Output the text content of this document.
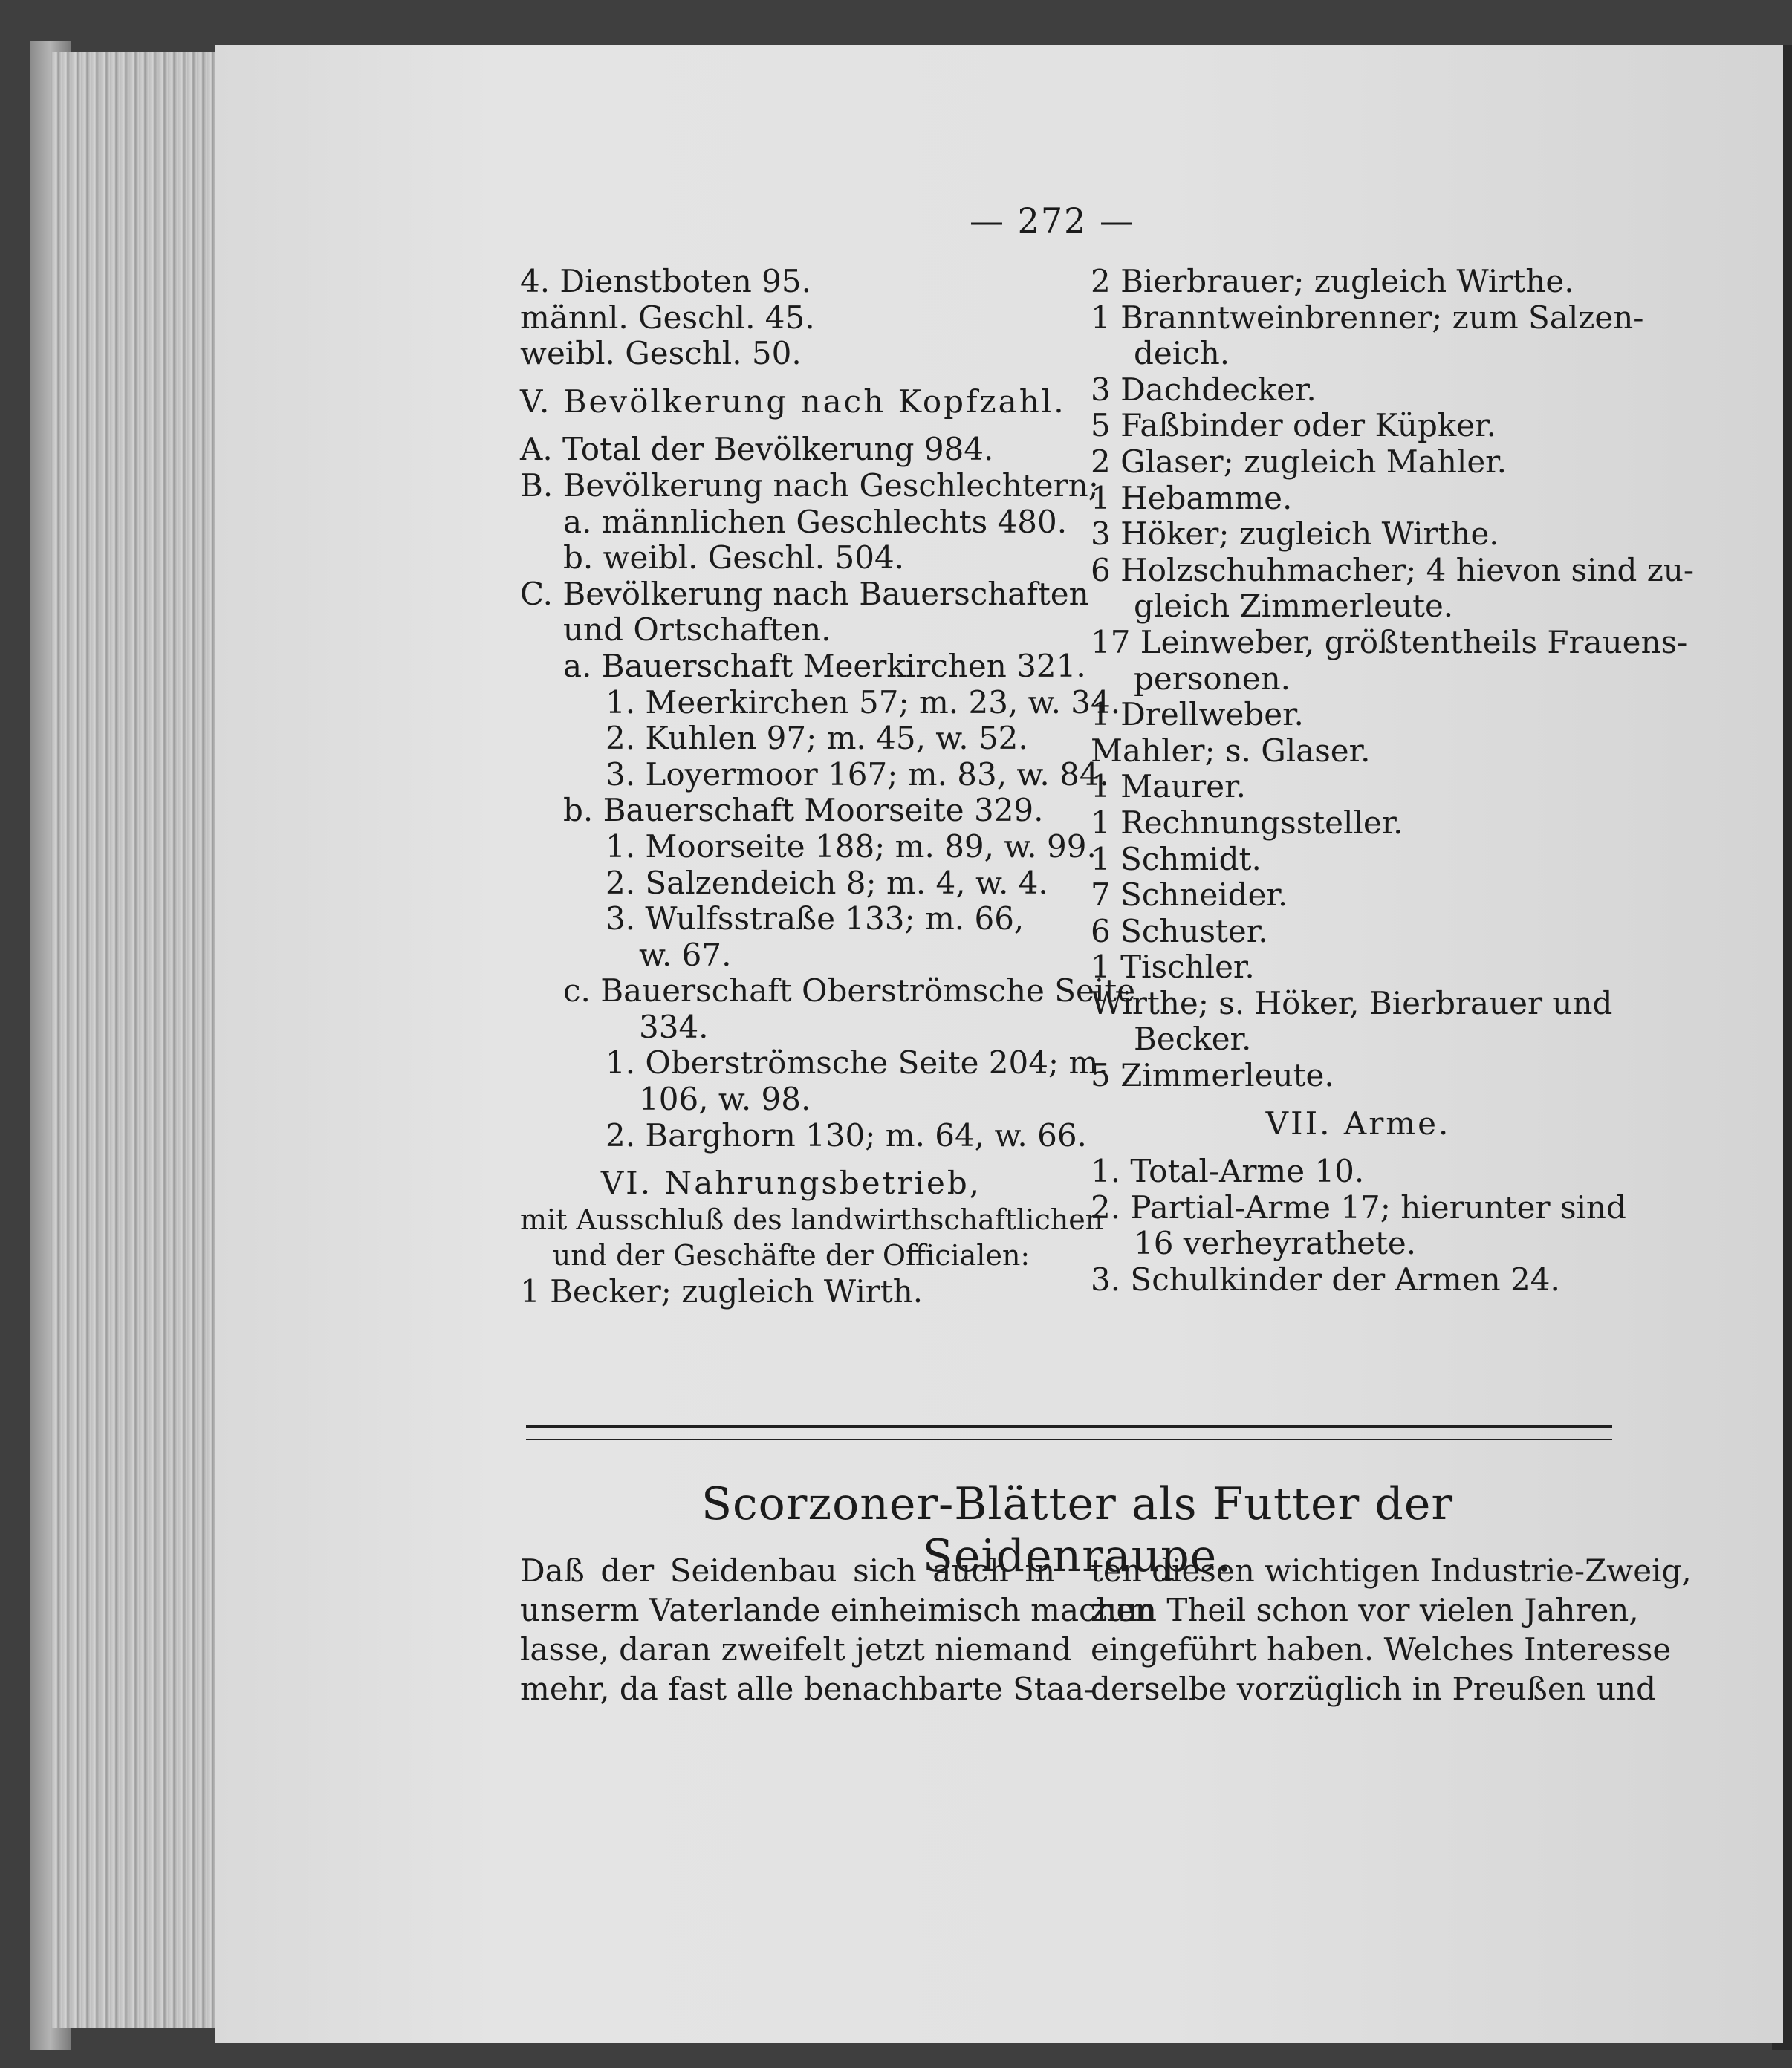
— 272 —
4. Dienstboten 95.
männl. Geschl. 45.
weibl. Geschl. 50.
V. Bevölkerung nach Kopfzahl.
A. Total der Bevölkerung 984.
B. Bevölkerung nach Geschlechtern;
a. männlichen Geschlechts 480.
b. weibl. Geschl. 504.
C. Bevölkerung nach Bauerschaften
und Ortschaften.
a. Bauerschaft Meerkirchen 321.
1. Meerkirchen 57; m. 23, w. 34.
2. Kuhlen 97; m. 45, w. 52.
3. Loyermoor 167; m. 83, w. 84.
b. Bauerschaft Moorseite 329.
1. Moorseite 188; m. 89, w. 99.
2. Salzendeich 8; m. 4, w. 4.
3. Wulfsstraße 133; m. 66,
w. 67.
c. Bauerschaft Oberströmsche Seite
334.
1. Oberströmsche Seite 204; m.
106, w. 98.
2. Barghorn 130; m. 64, w. 66.
VI. Nahrungsbetrieb,
mit Ausschluß des landwirthschaftlichen
und der Geschäfte der Officialen:
1 Becker; zugleich Wirth.
2 Bierbrauer; zugleich Wirthe.
1 Branntweinbrenner; zum Salzen-
deich.
3 Dachdecker.
5 Faßbinder oder Küpker.
2 Glaser; zugleich Mahler.
1 Hebamme.
3 Höker; zugleich Wirthe.
6 Holzschuhmacher; 4 hievon sind zu-
gleich Zimmerleute.
17 Leinweber, größtentheils Frauens-
personen.
1 Drellweber.
Mahler; s. Glaser.
1 Maurer.
1 Rechnungssteller.
1 Schmidt.
7 Schneider.
6 Schuster.
1 Tischler.
Wirthe; s. Höker, Bierbrauer und
Becker.
5 Zimmerleute.
VII. Arme.
1. Total-Arme 10.
2. Partial-Arme 17; hierunter sind
16 verheyrathete.
3. Schulkinder der Armen 24.
Scorzoner-Blätter als Futter der Seidenraupe.
Daß der Seidenbau sich auch in
unserm Vaterlande einheimisch machen
lasse, daran zweifelt jetzt niemand
mehr, da fast alle benachbarte Staa-
ten diesen wichtigen Industrie-Zweig,
zum Theil schon vor vielen Jahren,
eingeführt haben. Welches Interesse
derselbe vorzüglich in Preußen und
